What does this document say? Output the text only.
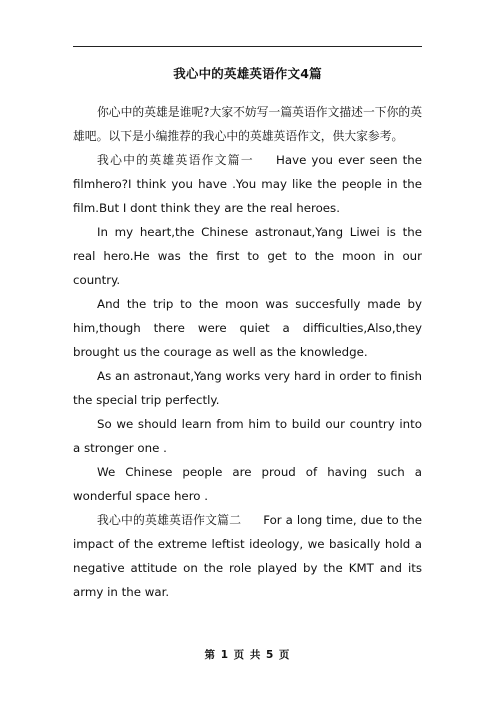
我心中的英雄英语作文4篇

你心中的英雄是谁呢?大家不妨写一篇英语作文描述一下你的英雄吧。以下是小编推荐的我心中的英雄英语作文，供大家参考。

我心中的英雄英语作文篇一 Have you ever seen the filmhero?I think you have .You may like the people in the film.But I dont think they are the real heroes.

In my heart,the Chinese astronaut,Yang Liwei is the real hero.He was the first to get to the moon in our country.

And the trip to the moon was succesfully made by him,though there were quiet a difficulties,Also,they brought us the courage as well as the knowledge.

As an astronaut,Yang works very hard in order to finish the special trip perfectly.

So we should learn from him to build our country into a stronger one .

We Chinese people are proud of having such a wonderful space hero .

我心中的英雄英语作文篇二 For a long time, due to the impact of the extreme leftist ideology, we basically hold a negative attitude on the role played by the KMT and its army in the war.

第 1 页 共 5 页
